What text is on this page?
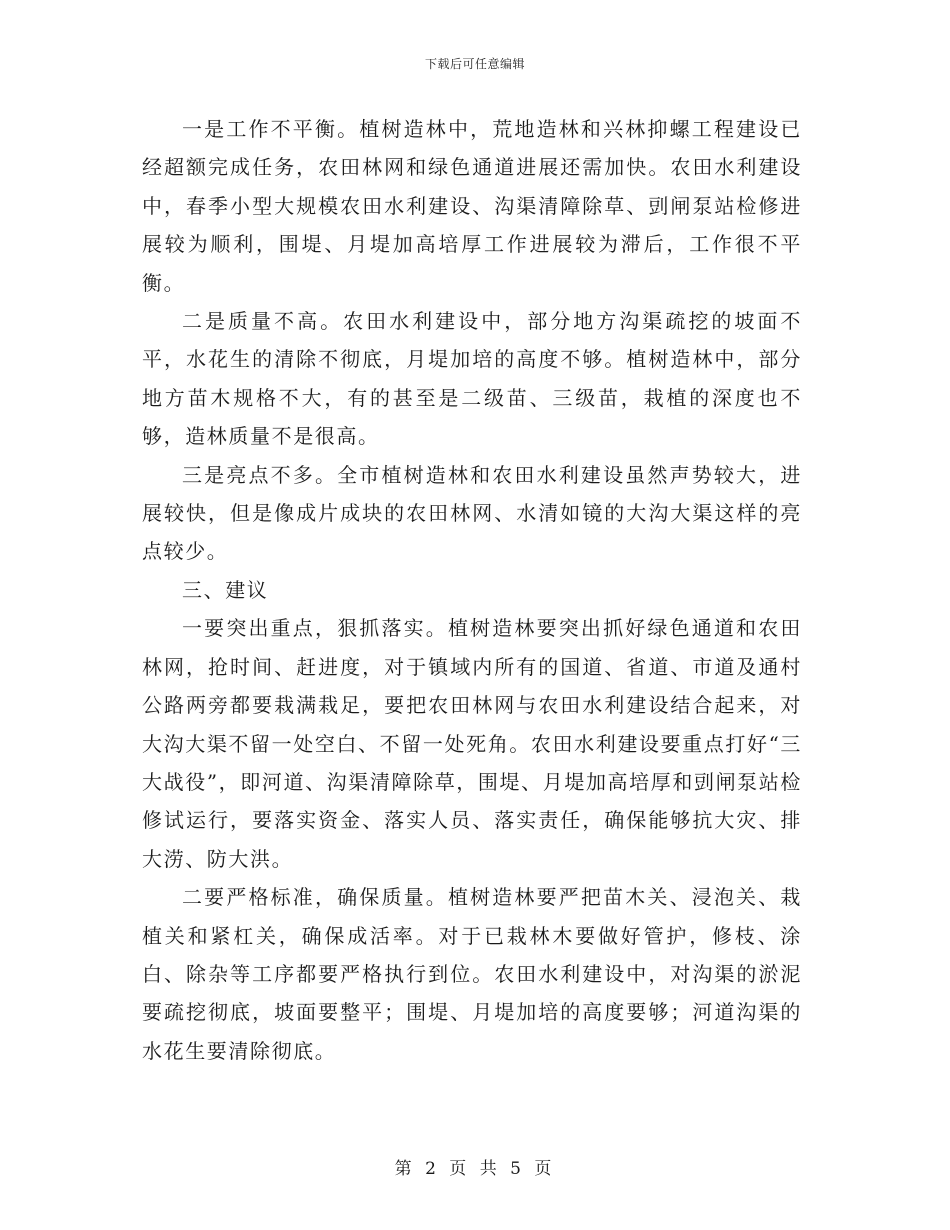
下载后可任意编辑

一是工作不平衡。植树造林中，荒地造林和兴林抑螺工程建设已经超额完成任务，农田林网和绿色通道进展还需加快。农田水利建设中，春季小型大规模农田水利建设、沟渠清障除草、剅闸泵站检修进展较为顺利，围堤、月堤加高培厚工作进展较为滞后，工作很不平衡。

二是质量不高。农田水利建设中，部分地方沟渠疏挖的坡面不平，水花生的清除不彻底，月堤加培的高度不够。植树造林中，部分地方苗木规格不大，有的甚至是二级苗、三级苗，栽植的深度也不够，造林质量不是很高。

三是亮点不多。全市植树造林和农田水利建设虽然声势较大，进展较快，但是像成片成块的农田林网、水清如镜的大沟大渠这样的亮点较少。

三、建议

一要突出重点，狠抓落实。植树造林要突出抓好绿色通道和农田林网，抢时间、赶进度，对于镇域内所有的国道、省道、市道及通村公路两旁都要栽满栽足，要把农田林网与农田水利建设结合起来，对大沟大渠不留一处空白、不留一处死角。农田水利建设要重点打好“三大战役”，即河道、沟渠清障除草，围堤、月堤加高培厚和剅闸泵站检修试运行，要落实资金、落实人员、落实责任，确保能够抗大灾、排大涝、防大洪。

二要严格标准，确保质量。植树造林要严把苗木关、浸泡关、栽植关和紧杠关，确保成活率。对于已栽林木要做好管护，修枝、涂白、除杂等工序都要严格执行到位。农田水利建设中，对沟渠的淤泥要疏挖彻底，坡面要整平；围堤、月堤加培的高度要够；河道沟渠的水花生要清除彻底。

第 2 页 共 5 页
